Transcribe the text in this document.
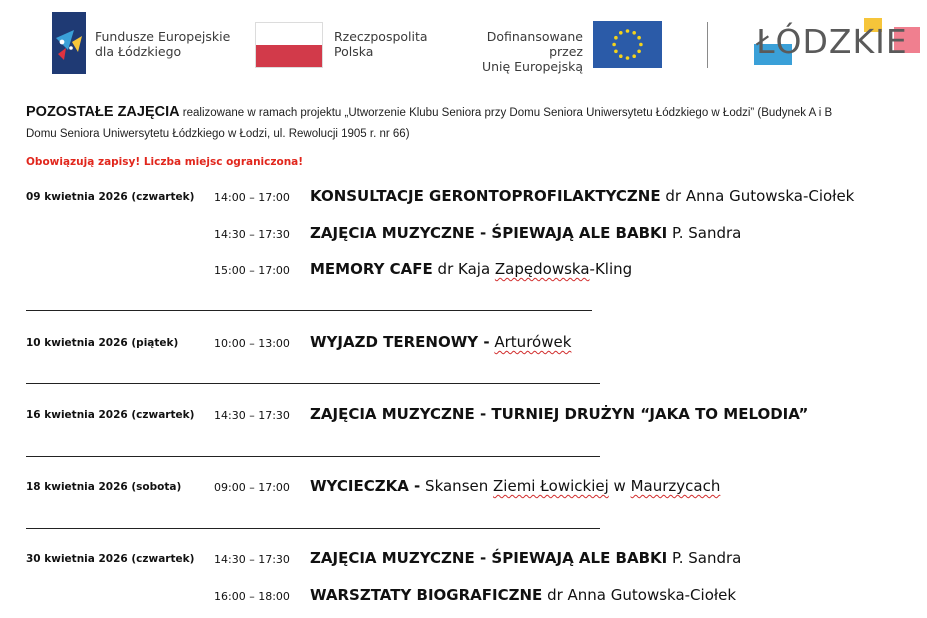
Fundusze Europejskie
dla Łódzkiego
Rzeczpospolita
Polska
Dofinansowane przez
Unię Europejską
ŁÓDZKIE
POZOSTAŁE ZAJĘCIA realizowane w ramach projektu „Utworzenie Klubu Seniora przy Domu Seniora Uniwersytetu Łódzkiego w Łodzi” (Budynek A i B
Domu Seniora Uniwersytetu Łódzkiego w Łodzi, ul. Rewolucji 1905 r. nr 66)
Obowiązują zapisy! Liczba miejsc ograniczona!
09 kwietnia 2026 (czwartek) 14:00 – 17:00 KONSULTACJE GERONTOPROFILAKTYCZNE dr Anna Gutowska-Ciołek
14:30 – 17:30 ZAJĘCIA MUZYCZNE - ŚPIEWAJĄ ALE BABKI P. Sandra
15:00 – 17:00 MEMORY CAFE dr Kaja Zapędowska-Kling
10 kwietnia 2026 (piątek)	10:00 – 13:00 WYJAZD TERENOWY - Arturówek
16 kwietnia 2026 (czwartek) 14:30 – 17:30 ZAJĘCIA MUZYCZNE - TURNIEJ DRUŻYN “JAKA TO MELODIA”
18 kwietnia 2026 (sobota)	09:00 – 17:00 WYCIECZKA - Skansen Ziemi Łowickiej w Maurzycach
30 kwietnia 2026 (czwartek) 14:30 – 17:30 ZAJĘCIA MUZYCZNE - ŚPIEWAJĄ ALE BABKI P. Sandra
16:00 – 18:00 WARSZTATY BIOGRAFICZNE dr Anna Gutowska-Ciołek
